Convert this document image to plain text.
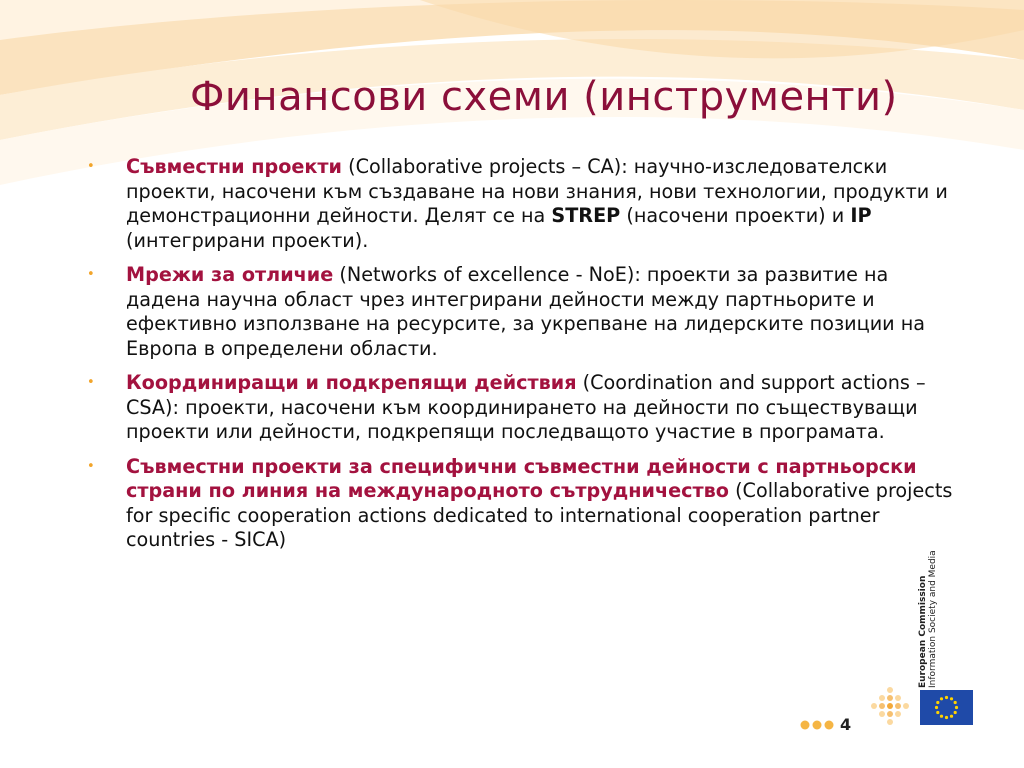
Финансови схеми (инструменти)
• Съвместни проекти (Collaborative projects – CA): научно-изследователски проекти, насочени към създаване на нови знания, нови технологии, продукти и демонстрационни дейности. Делят се на STREP (насочени проекти) и IP (интегрирани проекти).
• Мрежи за отличие (Networks of excellence - NoE): проекти за развитие на дадена научна област чрез интегрирани дейности между партньорите и ефективно използване на ресурсите, за укрепване на лидерските позиции на Европа в определени области.
• Координиращи и подкрепящи действия (Coordination and support actions – CSA): проекти, насочени към координирането на дейности по съществуващи проекти или дейности, подкрепящи последващото участие в програмата.
• Съвместни проекти за специфични съвместни дейности с партньорски страни по линия на международното сътрудничество (Collaborative projects for specific cooperation actions dedicated to international cooperation partner countries - SICA)
4
European Commission Information Society and Media
